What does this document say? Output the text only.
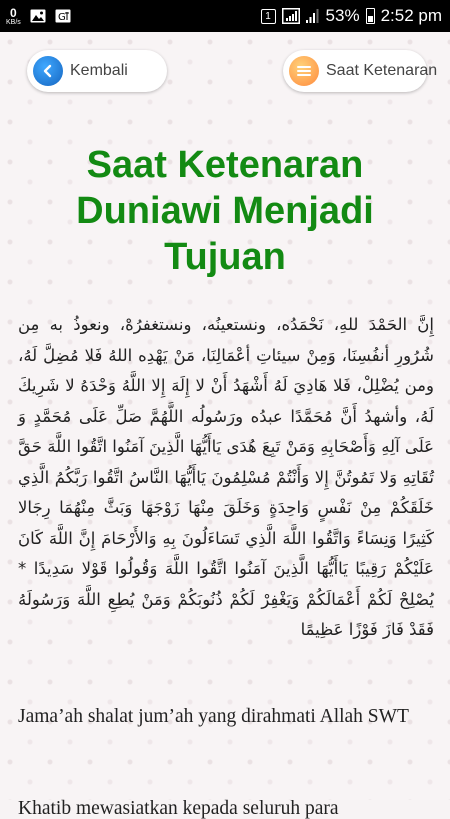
0
KB/s	G	1	53% 2:52 pm
Kembali	Saat Ketenaran
Saat Ketenaran Duniawi Menjadi Tujuan

إِنَّ الحَمْدَ للهِ، نَحْمَدُه، ونستعينُه، ونستغفرُهْ، ونعوذُ به مِن شُرُورِ أنفُسِنَا، وَمِنْ سيئاتِ أعْمَالِنَا، مَنْ يَهْدِه اللهُ فَلا مُضِلَّ لَهُ، ومن يُضْلِلْ، فَلا هَادِيَ لَهُ أَشْهَدُ أَنْ لا إِلَهَ إِلا اللَّهُ وَحْدَهُ لا شَرِيكَ لَهُ، وأشهدُ أَنَّ مُحَمَّدًا عبدُه ورَسُولُه اللَّهُمَّ صَلِّ عَلَى مُحَمَّدٍ وَ عَلَى آلِهِ وَأَصْحَابِهِ وَمَنْ تَبِعَ هُدَى يَاأَيُّهَا الَّذِينَ آمَنُوا اتَّقُوا اللَّهَ حَقَّ تُقَاتِهِ وَلا تَمُوتُنَّ إِلا وَأَنْتُمْ مُسْلِمُونَ يَاأَيُّهَا النَّاسُ اتَّقُوا رَبَّكُمُ الَّذِي خَلَقَكُمْ مِنْ نَفْسٍ وَاحِدَةٍ وَخَلَقَ مِنْهَا زَوْجَهَا وَبَثَّ مِنْهُمَا رِجَالا كَثِيرًا وَنِسَاءً وَاتَّقُوا اللَّهَ الَّذِي تَسَاءَلُونَ بِهِ وَالأَرْحَامَ إِنَّ اللَّهَ كَانَ عَلَيْكُمْ رَقِيبًا يَاأَيُّهَا الَّذِينَ آمَنُوا اتَّقُوا اللَّهَ وَقُولُوا قَوْلا سَدِيدًا * يُصْلِحْ لَكُمْ أَعْمَالَكُمْ وَيَغْفِرْ لَكُمْ ذُنُوبَكُمْ وَمَنْ يُطِعِ اللَّهَ وَرَسُولَهُ فَقَدْ فَازَ فَوْزًا عَظِيمًا

Jama’ah shalat jum’ah yang dirahmati Allah SWT

Khatib mewasiatkan kepada seluruh para
